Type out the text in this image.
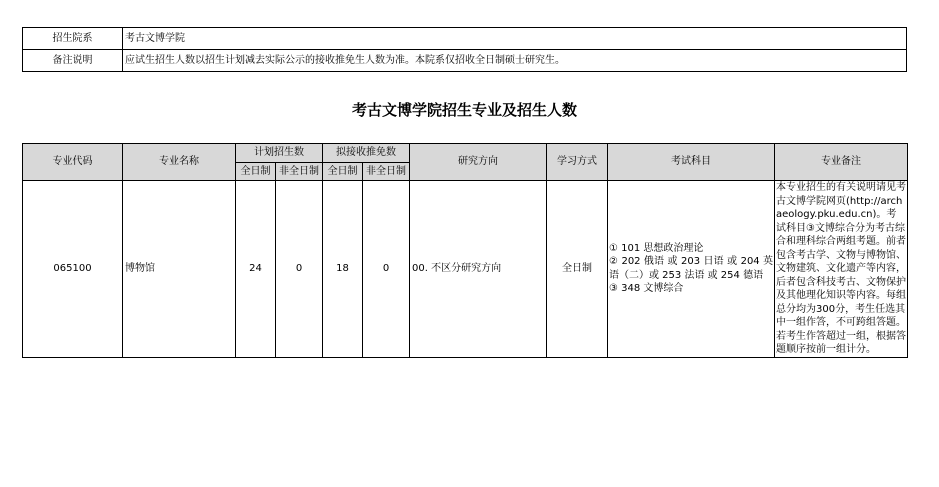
招生院系	考古文博学院
备注说明	应试生招生人数以招生计划减去实际公示的接收推免生人数为准。本院系仅招收全日制硕士研究生。
考古文博学院招生专业及招生人数
专业代码	专业名称	计划招生数		拟接收推免数		研究方向	学习方式	考试科目	专业备注
		全日制	非全日制	全日制	非全日制				
065100	博物馆	24	0	18	0	00. 不区分研究方向	全日制	① 101 思想政治理论
② 202 俄语 或 203 日语 或 204 英语（二）或 253 法语 或 254 德语
③ 348 文博综合	本专业招生的有关说明请见考古文博学院网页(http://archaeology.pku.edu.cn)。考试科目③文博综合分为考古综合和理科综合两组考题。前者包含考古学、文物与博物馆、文物建筑、文化遗产等内容，后者包含科技考古、文物保护及其他理化知识等内容。每组总分均为300分，考生任选其中一组作答，不可跨组答题。若考生作答超过一组，根据答题顺序按前一组计分。
